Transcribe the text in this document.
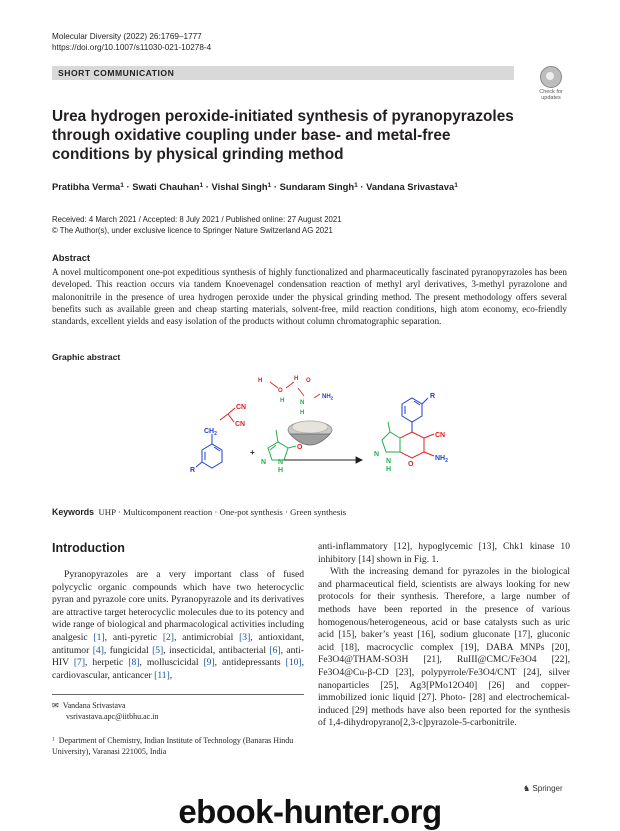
Molecular Diversity (2022) 26:1769–1777
https://doi.org/10.1007/s11030-021-10278-4
SHORT COMMUNICATION
Check for updates
Urea hydrogen peroxide-initiated synthesis of pyranopyrazoles through oxidative coupling under base- and metal-free conditions by physical grinding method
Pratibha Verma$^1$ · Swati Chauhan$^1$ · Vishal Singh$^1$ · Sundaram Singh$^1$ · Vandana Srivastava$^1$
Received: 4 March 2021 / Accepted: 8 July 2021 / Published online: 27 August 2021
© The Author(s), under exclusive licence to Springer Nature Switzerland AG 2021
Abstract
A novel multicomponent one-pot expeditious synthesis of highly functionalized and pharmaceutically fascinated pyranopyrazoles has been developed. This reaction occurs via tandem Knoevenagel condensation reaction of methyl aryl derivatives, 3-methyl pyrazolone and malononitrile in the presence of urea hydrogen peroxide under the physical grinding method. The present methodology offers several benefits such as available green and cheap starting materials, solvent-free, mild reaction conditions, high atom economy, eco-friendly standards, excellent yields and easy isolation of the products without column chromatographic separation.
Graphic abstract
$CH_2$
CN
CN
R
+
O
N N
H
H
O
H O
H	N
H
$NH_2$	R
CN
O
$NH_2$
N
N
H
Keywords UHP · Multicomponent reaction · One-pot synthesis · Green synthesis
Introduction

Pyranopyrazoles are a very important class of fused polycyclic organic compounds which have two heterocyclic pyran and pyrazole core units. Pyranopyrazole and its derivatives are attractive target heterocyclic molecules due to its potency and wide range of biological and pharmacological activities including analgesic [1], anti-pyretic [2], antimicrobial [3], antioxidant, antitumor [4], fungicidal [5], insecticidal, antibacterial [6], anti-HIV [7], herpetic [8], molluscicidal [9], antidepressants [10], cardiovascular, anticancer [11],

anti-inflammatory [12], hypoglycemic [13], Chk1 kinase 10 inhibitory [14] shown in Fig. 1.

With the increasing demand for pyrazoles in the biological and pharmaceutical field, scientists are always looking for new protocols for their synthesis. Therefore, a large number of methods have been reported in the presence of various homogenous/heterogeneous, acid or base catalysts such as uric acid [15], baker’s yeast [16], sodium gluconate [17], gluconic acid [18], macrocyclic complex [19], DABA MNPs [20], Fe3O4@THAM-SO3H [21], RuIII@CMC/Fe3O4 [22], Fe3O4@Cu-β-CD [23], polypyrrole/Fe3O4/CNT [24], silver nanoparticles [25], Ag3[PMo12O40] [26] and copper-immobilized ionic liquid [27]. Photo- [28] and electrochemical-induced [29] methods have also been reported for the synthesis of 1,4-dihydropyrano[2,3-c]pyrazole-5-carbonitrile.

✉ Vandana Srivastava
vsrivastava.apc@iitbhu.ac.in
$^1$ Department of Chemistry, Indian Institute of Technology (Banaras Hindu University), Varanasi 221005, India
♞ Springer
ebook-hunter.org
